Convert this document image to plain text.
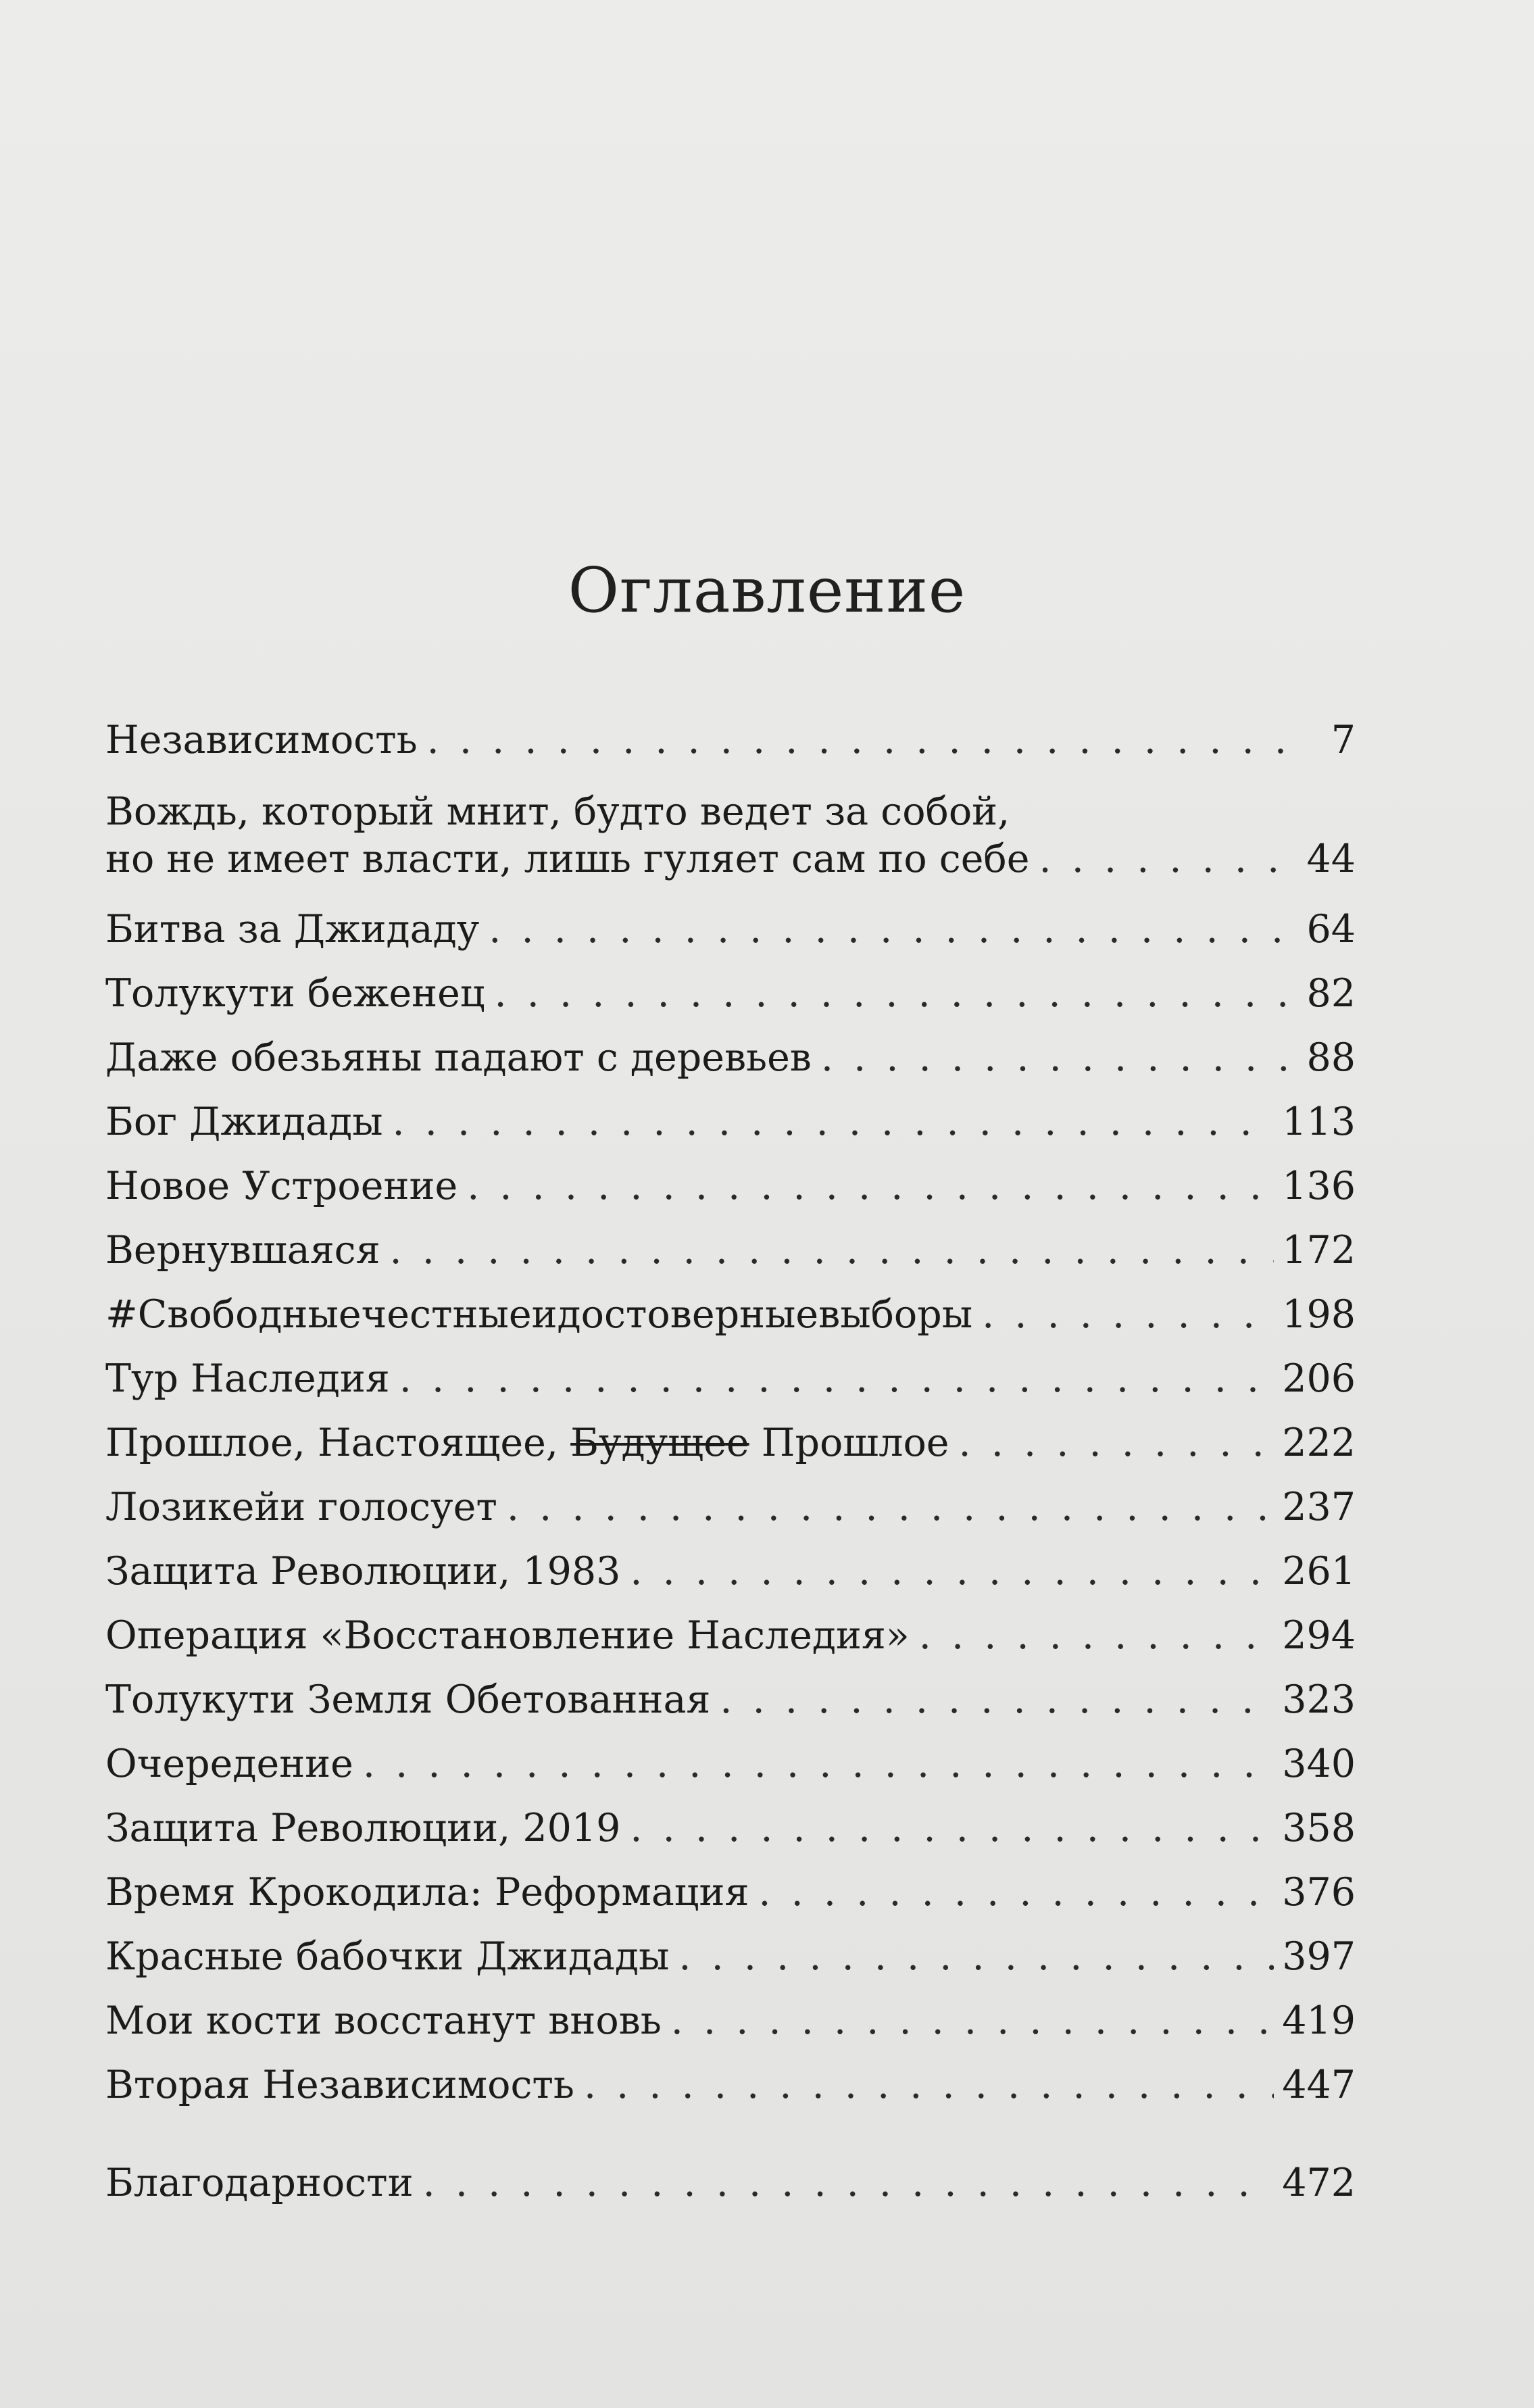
Оглавление
Независимость . . .	7
Вождь, который мнит, будто ведет за собой,
но не имеет власти, лишь гуляет сам по себе . . .	44
Битва за Джидаду . . .	64
Толукути беженец . . .	82
Даже обезьяны падают с деревьев . . .	88
Бог Джидады . . .	113
Новое Устроение . . .	136
Вернувшаяся . . .	172
#Свободныечестныеидостоверныевыборы . . .	198
Тур Наследия . . .	206
Прошлое, Настоящее, Будущее Прошлое . . .	222
Лозикейи голосует . . .	237
Защита Революции, 1983 . . .	261
Операция «Восстановление Наследия» . . .	294
Толукути Земля Обетованная . . .	323
Очередение . . .	340
Защита Революции, 2019 . . .	358
Время Крокодила: Реформация . . .	376
Красные бабочки Джидады . . .	397
Мои кости восстанут вновь . . .	419
Вторая Независимость . . .	447
Благодарности . . .	472
